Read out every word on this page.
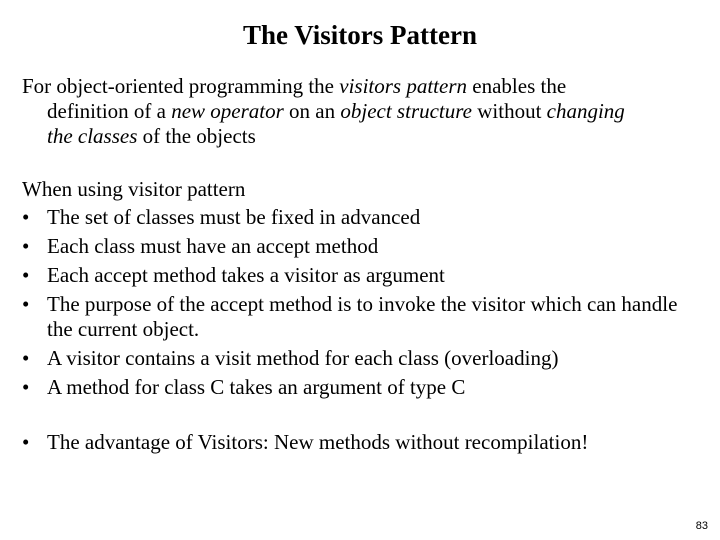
The Visitors Pattern
For object-oriented programming the visitors pattern enables the
definition of a new operator on an object structure without changing
the classes of the objects
When using visitor pattern
• The set of classes must be fixed in advanced
• Each class must have an accept method
• Each accept method takes a visitor as argument
• The purpose of the accept method is to invoke the visitor which can handle the current object.
• A visitor contains a visit method for each class (overloading)
• A method for class C takes an argument of type C
• The advantage of Visitors: New methods without recompilation!
83
